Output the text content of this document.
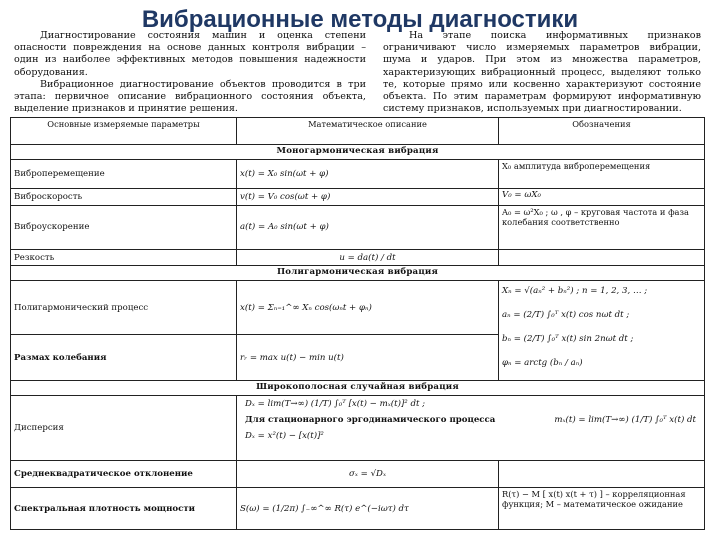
Вибрационные методы диагностики

Диагностирование состояния машин и оценка степени опасности повреждения на основе данных контроля вибрации – один из наиболее эффективных методов повышения надежности оборудования.

Вибрационное диагностирование объектов проводится в три этапа: первичное описание вибрационного состояния объекта, выделение признаков и принятие решения.

На этапе поиска информативных признаков ограничивают число измеряемых параметров вибрации, шума и ударов. При этом из множества параметров, характеризующих вибрационный процесс, выделяют только те, которые прямо или косвенно характеризуют состояние объекта. По этим параметрам формируют информативную систему признаков, используемых при диагностировании.

Основные измеряемые параметры	Математическое описание	Обозначения
Моногармоническая вибрация		
Виброперемещение	x(t) = X₀ sin(ωt + φ)	X₀ амплитуда виброперемещения
Виброскорость	v(t) = V₀ cos(ωt + φ)	V₀ = ωX₀
Виброускорение	a(t) = A₀ sin(ωt + φ)	A₀ = ω²X₀ ; ω , φ – круговая частота и фаза колебания соответственно
Резкость	u = da(t) / dt	
Полигармоническая вибрация		
Полигармонический процесс	x(t) = Σₙ₌₁^∞ Xₙ cos(ωₙt + φₙ)	Xₙ = √(aₙ² + bₙ²) ; n = 1, 2, 3, … ;
aₙ = (2/T) ∫₀ᵀ x(t) cos nωt dt ;
bₙ = (2/T) ∫₀ᵀ x(t) sin 2nωt dt ;
φₙ = arctg (bₙ / aₙ)

Размах колебания	rᵣ = max u(t) − min u(t)	
Широкополосная случайная вибрация		
Дисперсия	Dₓ = lim(T→∞) (1/T) ∫₀ᵀ [x(t) − mₓ(t)]² dt ;
Для стационарного эргодинамического процесса mₓ(t) = lim(T→∞) (1/T) ∫₀ᵀ x(t) dt
Dₓ = x²(t) − [x(t)]²	

Среднеквадратическое отклонение	σₓ = √Dₓ	
Спектральная плотность мощности	S(ω) = (1/2π) ∫₋∞^∞ R(τ) e^(−iωτ) dτ	R(τ) − M [ x(t) x(t + τ) ] – корреляционная функция; M – математическое ожидание
